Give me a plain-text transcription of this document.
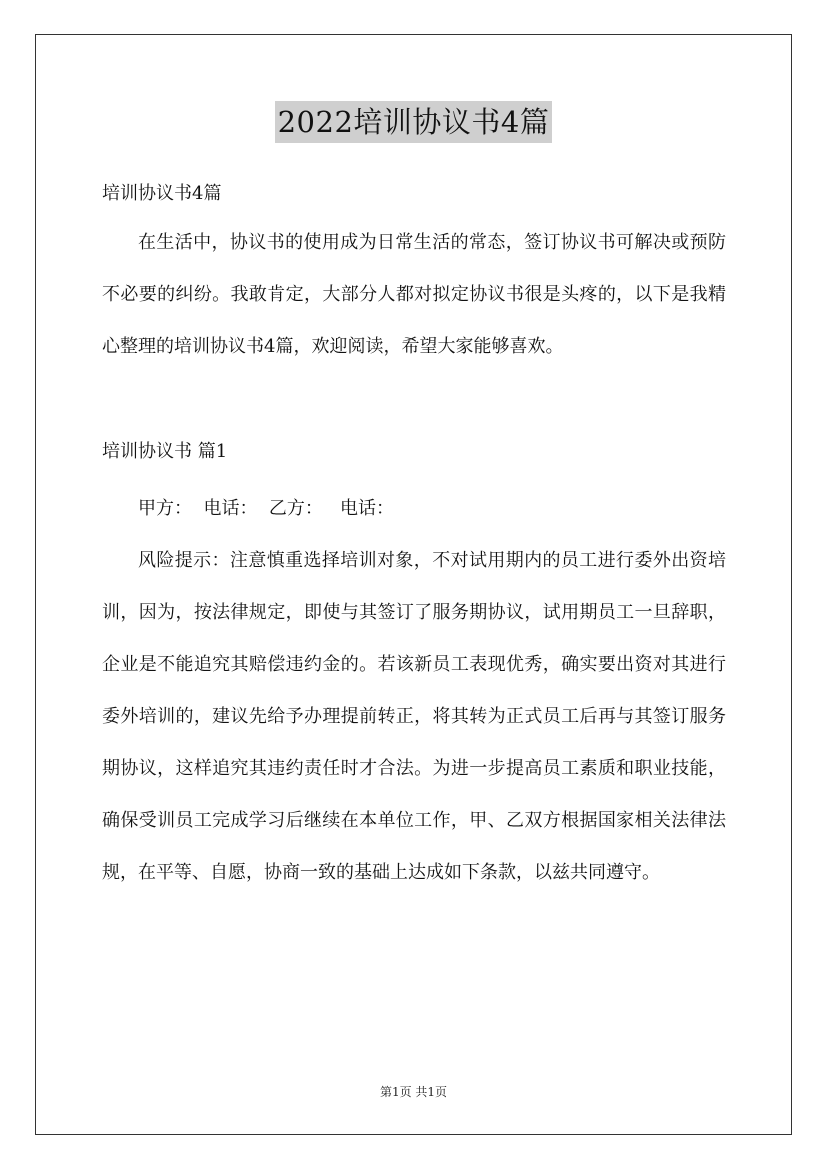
2022培训协议书4篇

培训协议书4篇

在生活中，协议书的使用成为日常生活的常态，签订协议书可解决或预防不必要的纠纷。我敢肯定，大部分人都对拟定协议书很是头疼的，以下是我精心整理的培训协议书4篇，欢迎阅读，希望大家能够喜欢。

培训协议书 篇1

甲方：  电话：  乙方：   电话：

风险提示：注意慎重选择培训对象，不对试用期内的员工进行委外出资培训，因为，按法律规定，即使与其签订了服务期协议，试用期员工一旦辞职，企业是不能追究其赔偿违约金的。若该新员工表现优秀，确实要出资对其进行委外培训的，建议先给予办理提前转正，将其转为正式员工后再与其签订服务期协议，这样追究其违约责任时才合法。为进一步提高员工素质和职业技能，确保受训员工完成学习后继续在本单位工作，甲、乙双方根据国家相关法律法规，在平等、自愿，协商一致的基础上达成如下条款，以兹共同遵守。

第1页 共1页
